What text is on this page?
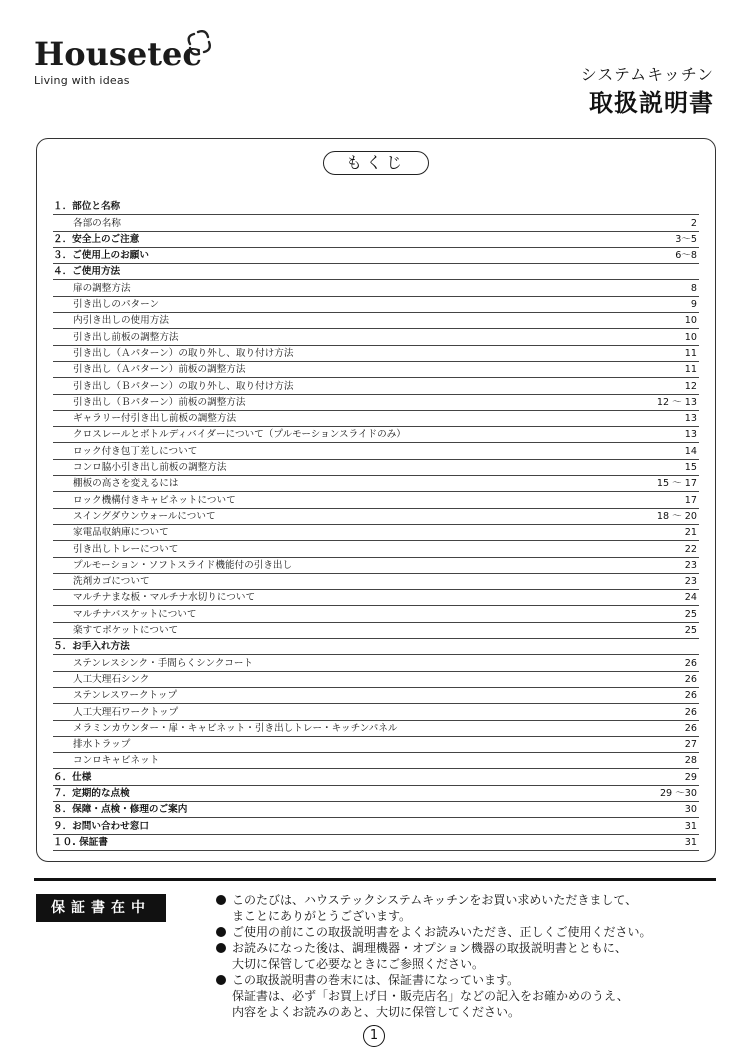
Housetec
Living with ideas	システムキッチン
取扱説明書
もくじ
１．部位と名称
各部の名称	2
２．安全上のご注意	3～5
３．ご使用上のお願い	6～8
４．ご使用方法
扉の調整方法	8
引き出しのパターン	9
内引き出しの使用方法	10
引き出し前板の調整方法	10
引き出し（Ａパターン）の取り外し、取り付け方法	11
引き出し（Ａパターン）前板の調整方法	11
引き出し（Ｂパターン）の取り外し、取り付け方法	12
引き出し（Ｂパターン）前板の調整方法	12 ～ 13
ギャラリー付引き出し前板の調整方法	13
クロスレールとボトルディバイダーについて（プルモーションスライドのみ）	13
ロック付き包丁差しについて	14
コンロ脇小引き出し前板の調整方法	15
棚板の高さを変えるには	15 ～ 17
ロック機構付きキャビネットについて	17
スイングダウンウォールについて	18 ～ 20
家電品収納庫について	21
引き出しトレーについて	22
プルモーション・ソフトスライド機能付の引き出し	23
洗剤カゴについて	23
マルチナまな板・マルチナ水切りについて	24
マルチナバスケットについて	25
楽すてポケットについて	25
５．お手入れ方法
ステンレスシンク・手間らくシンクコート	26
人工大理石シンク	26
ステンレスワークトップ	26
人工大理石ワークトップ	26
メラミンカウンター・扉・キャビネット・引き出しトレー・キッチンパネル	26
排水トラップ	27
コンロキャビネット	28
６．仕様	29
７．定期的な点検	29 ～30
８．保障・点検・修理のご案内	30
９．お問い合わせ窓口	31
１０. 保証書	31
保証書在中	このたびは、ハウステックシステムキッチンをお買い求めいただきまして、
まことにありがとうございます。
ご使用の前にこの取扱説明書をよくお読みいただき、正しくご使用ください。
お読みになった後は、調理機器・オプション機器の取扱説明書とともに、
大切に保管して必要なときにご参照ください。
この取扱説明書の巻末には、保証書になっています。
保証書は、必ず「お買上げ日・販売店名」などの記入をお確かめのうえ、
内容をよくお読みのあと、大切に保管してください。
1
